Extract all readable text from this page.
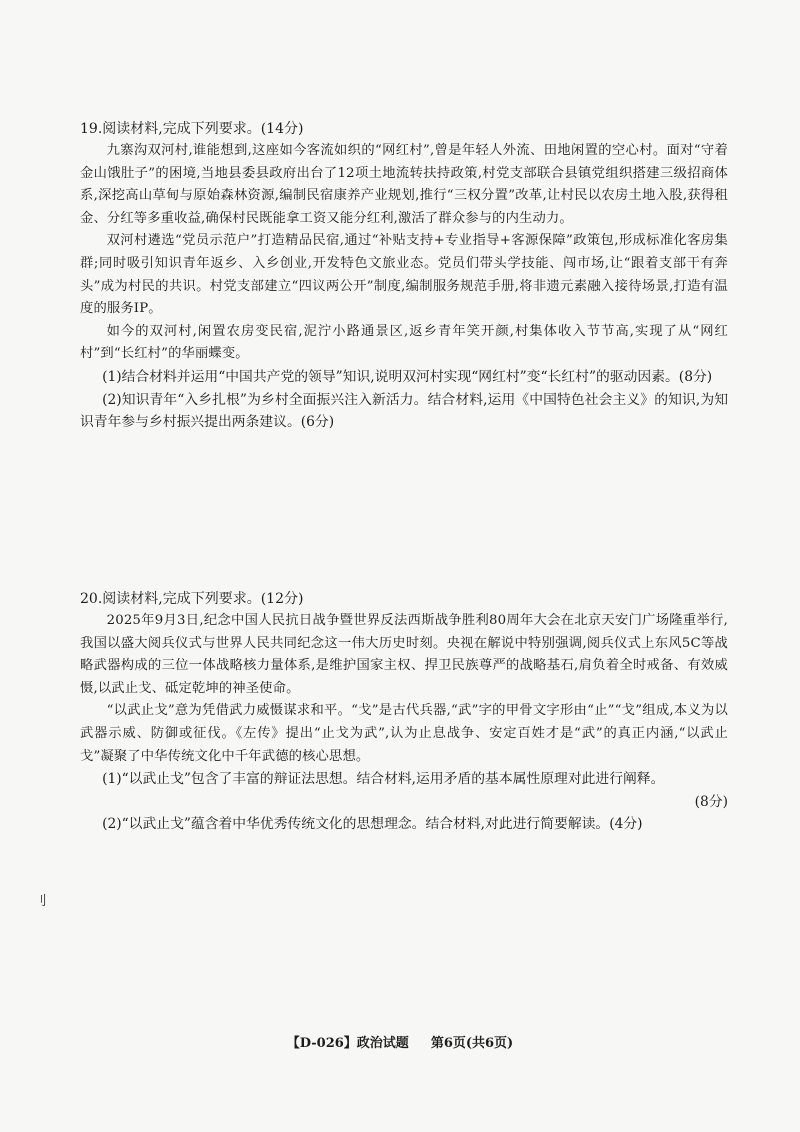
19.阅读材料,完成下列要求。(14分)

九寨沟双河村,谁能想到,这座如今客流如织的“网红村”,曾是年轻人外流、田地闲置的空心村。面对“守着金山饿肚子”的困境,当地县委县政府出台了12项土地流转扶持政策,村党支部联合县镇党组织搭建三级招商体系,深挖高山草甸与原始森林资源,编制民宿康养产业规划,推行“三权分置”改革,让村民以农房土地入股,获得租金、分红等多重收益,确保村民既能拿工资又能分红利,激活了群众参与的内生动力。

双河村遴选“党员示范户”打造精品民宿,通过“补贴支持+专业指导+客源保障”政策包,形成标准化客房集群;同时吸引知识青年返乡、入乡创业,开发特色文旅业态。党员们带头学技能、闯市场,让“跟着支部干有奔头”成为村民的共识。村党支部建立“四议两公开”制度,编制服务规范手册,将非遗元素融入接待场景,打造有温度的服务IP。

如今的双河村,闲置农房变民宿,泥泞小路通景区,返乡青年笑开颜,村集体收入节节高,实现了从“网红村”到“长红村”的华丽蝶变。

(1)结合材料并运用“中国共产党的领导”知识,说明双河村实现“网红村”变“长红村”的驱动因素。(8分)

(2)知识青年“入乡扎根”为乡村全面振兴注入新活力。结合材料,运用《中国特色社会主义》的知识,为知识青年参与乡村振兴提出两条建议。(6分)

20.阅读材料,完成下列要求。(12分)

2025年9月3日,纪念中国人民抗日战争暨世界反法西斯战争胜利80周年大会在北京天安门广场隆重举行,我国以盛大阅兵仪式与世界人民共同纪念这一伟大历史时刻。央视在解说中特别强调,阅兵仪式上东风5C等战略武器构成的三位一体战略核力量体系,是维护国家主权、捍卫民族尊严的战略基石,肩负着全时戒备、有效威慑,以武止戈、砥定乾坤的神圣使命。

“以武止戈”意为凭借武力威慑谋求和平。“戈”是古代兵器,“武”字的甲骨文字形由“止”“戈”组成,本义为以武器示威、防御或征伐。《左传》提出“止戈为武”,认为止息战争、安定百姓才是“武”的真正内涵,“以武止戈”凝聚了中华传统文化中千年武德的核心思想。

(1)“以武止戈”包含了丰富的辩证法思想。结合材料,运用矛盾的基本属性原理对此进行阐释。

(8分)

(2)“以武止戈”蕴含着中华优秀传统文化的思想理念。结合材料,对此进行简要解读。(4分)

刂
【D-026】政治试题 第6页(共6页)
